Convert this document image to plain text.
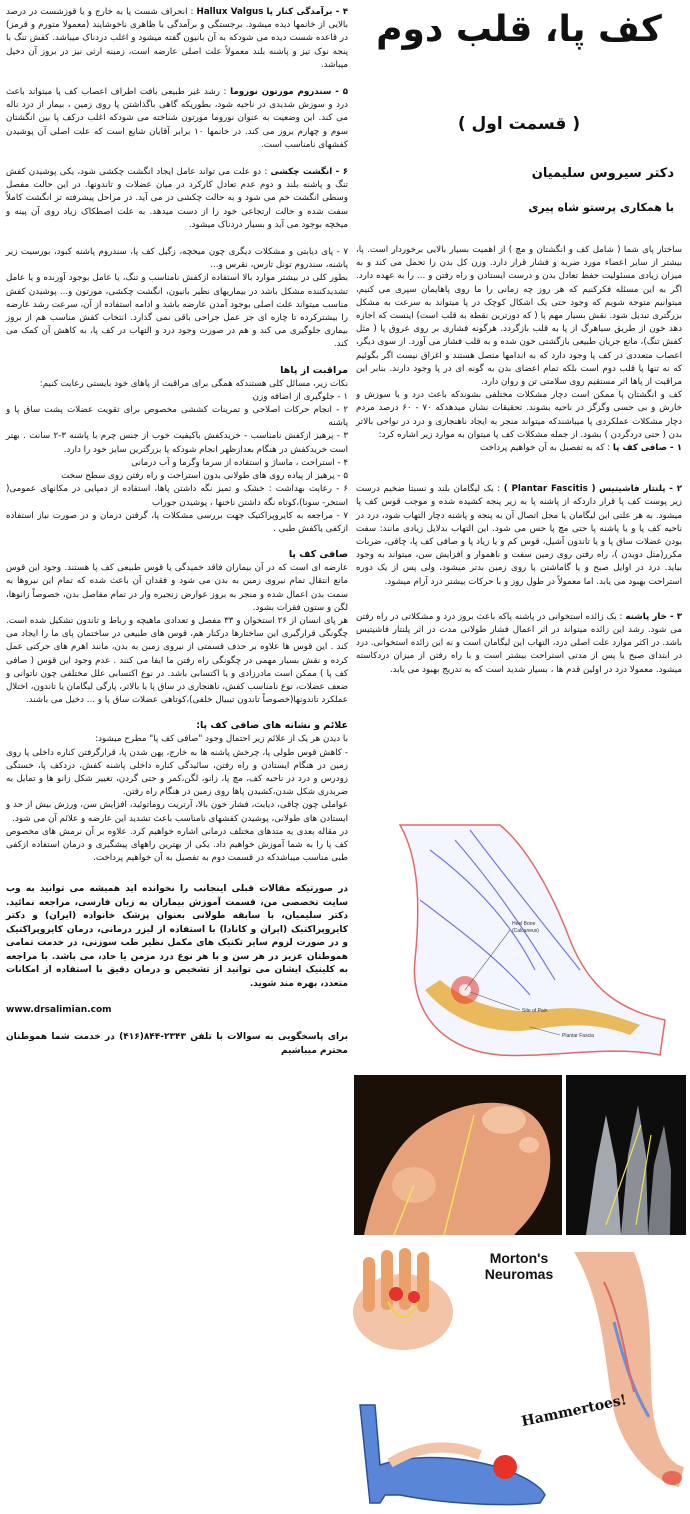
کف پا، قلب دوم
( قسمت اول )
دکتر سیروس سلیمیان
با همکاری پرستو شاه پیری

ساختار پای شما ( شامل کف و انگشتان و مچ ) از اهمیت بسیار بالایی برخوردار است. پا، بیشتر از سایر اعضاء مورد ضربه و فشار قرار دارد. وزن کل بدن را تحمل می کند و به میزان زیادی مسئولیت حفظ تعادل بدن و درست ایستادن و راه رفتن و ... را به عهده دارد. اگر به این مسئله فکرکنیم که هر روز چه زمانی را ما روی پاهایمان سپری می کنیم، میتوانیم متوجه شویم که وجود حتی یک اشکال کوچک در پا میتواند به سرعت به مشکل بزرگتری تبدیل شود. نقش بسیار مهم پا ( که دورترین نقطه به قلب است) اینست که اجازه دهد خون از طریق سیاهرگ از پا به قلب بازگردد. هرگونه فشاری بر روی عروق پا ( مثل کفش تنگ)، مانع جریان طبیعی بازگشتی خون شده و به قلب فشار می آورد. از سوی دیگر، اعصاب متعددی در کف پا وجود دارد که به اندامها متصل هستند و اغراق نیست اگر بگوئیم که نه تنها پا قلب دوم است بلکه تمام اعضای بدن به گونه ای در پا وجود دارند. بنابر این مراقبت از پاها اثر مستقیم روی سلامتی تن و روان دارد.

کف و انگشتان پا ممکن است دچار مشکلات مختلفی بشوندکه باعث درد و یا سوزش و خارش و بی حسی وگزگز در ناحیه بشوند. تحقیقات نشان میدهدکه ۷۰ - ۶۰ درصد مردم دچار مشکلات عملکردی پا میباشندکه میتواند منجر به ایجاد ناهنجاری و درد در نواحی بالاتر بدن ( حتی دردگردن ) بشود. از جمله مشکلات کف پا میتوان به موارد زیر اشاره کرد:

۱ - صافی کف پا : که به تفصیل به آن خواهیم پرداخت

۲ - پلنتار فاشیتیس ( Plantar Fascitis ) : یک لیگامان بلند و نسبتا ضخیم درست زیر پوست کف پا قرار داردکه از پاشنه پا به زیر پنجه کشیده شده و موجب قوس کف پا میشود. به هر علتی این لیگامان یا محل اتصال آن به پنجه و پاشنه دچار التهاب شود، درد در ناحیه کف پا و یا پاشنه پا حتی مچ پا حس می شود. این التهاب بدلایل زیادی مانند: سفت بودن عضلات ساق پا و یا تاندون آشیل، قوس کم و یا زیاد پا و صافی کف پا، چاقی، ضربات مکرر(مثل دویدن )، راه رفتن روی زمین سفت و ناهموار و افزایش سن، میتواند به وجود بیاید. درد در اوایل صبح و یا گاماشتن پا روی زمین بدتر میشود، ولی پس از یک دوره استراحت بهبود می یابد. اما معمولاً در طول روز و با حرکات بیشتر درد آرام میشود.

۳ - خار پاشنه : یک زائده استخوانی در پاشنه پاکه باعث بروز درد و مشکلاتی در راه رفتن می شود. رشد این زائده میتواند در اثر اعمال فشار طولانی مدت در اثر پلنتار فاشیتیس باشد. در اکثر موارد علت اصلی درد، التهاب این لیگامان است و نه این زائده استخوانی. درد در ابتدای صبح یا پس از مدتی استراحت بیشتر است و با راه رفتن از میزان دردکاسته میشود. معمولا درد در اولین قدم ها ، بسیار شدید است که به تدریج بهبود می یابد.

۴ - برآمدگی کنار پا Hallux Valgus : انحراف شست پا به خارج و یا قوزشست در درصد بالایی از خانمها دیده میشود. برجستگی و برآمدگی با ظاهری ناخوشایند (معمولا متورم و قرمز) در قاعده شست دیده می شودکه به آن بانیون گفته میشود و اغلب دردناک میباشد. کفش تنگ با پنجه نوک تیز و پاشنه بلند معمولاً علت اصلی عارضه است، زمینه ارثی نیز در بروز آن دخیل میباشد.

۵ - سندروم مورتون نوروما : رشد غیر طبیعی بافت اطراف اعصاب کف پا میتواند باعث درد و سوزش شدیدی در ناحیه شود، بطوریکه گاهی باگذاشتن پا روی زمین ، بیمار از درد ناله می کند. این وضعیت به عنوان نوروما مورتون شناخته می شودکه اغلب درکف پا بین انگشتان سوم و چهارم بروز می کند. در خانمها ۱۰ برابر آقایان شایع است که علت اصلی آن پوشیدن کفشهای نامناسب است.

۶ - انگشت چکشی : دو علت می تواند عامل ایجاد انگشت چکشی شود، یکی پوشیدن کفش تنگ و پاشنه بلند و دوم عدم تعادل کارکرد در میان عضلات و تاندونها. در این حالت مفصل وسطی انگشت خم می شود و به حالت چکشی در می آید. در مراحل پیشرفته تر انگشت کاملاً سفت شده و حالت ارتجاعی خود را از دست میدهد. به علت اصطکاک زیاد روی آن پینه و میخچه بوجود می آید و بسیار دردناک میشود.

۷ - پای دیابتی و مشکلات دیگری چون میخچه، زگیل کف پا، سندروم پاشنه کبود، بورسیت زیر پاشنه، سندروم تونل تارس، نقرس و...

بطور کلی در بیشتر موارد بالا استفاده ازکفش نامناسب و تنگ، یا عامل بوجود آورنده و یا عامل تشدیدکننده مشکل باشد در بیماریهای نظیر بانیون، انگشت چکشی، مورتون و... پوشیدن کفش مناسب میتواند علت اصلی بوجود آمدن عارضه باشد و ادامه استفاده از آن، سرعت رشد عارضه را بیشترکرده تا چاره ای جز عمل جراحی باقی نمی گذارد. انتخاب کفش مناسب هم از بروز بیماری جلوگیری می کند و هم در صورت وجود درد و التهاب در کف پا، به کاهش آن کمک می کند.

مراقبت از پاها

نکات زیر، مسائل کلی هستندکه همگی برای مراقبت از پاهای خود بایستی رعایت کنیم:

۱ - جلوگیری از اضافه وزن

۲ - انجام حرکات اصلاحی و تمرینات کششی مخصوص برای تقویت عضلات پشت ساق پا و پاشنه

۳ - پرهیز ازکفش نامناسب - خریدکفش باکیفیت خوب از جنس چرم با پاشنه ۳-۲ سانت . بهتر است خریدکفش در هنگام بعدازظهر انجام شودکه پا بزرگترین سایز خود را دارد.

۴ - استراحت ، ماساژ و استفاده از سرما وگرما و آب درمانی

۵ - پرهیز از پیاده روی های طولانی بدون استراحت و راه رفتن روی سطح سخت

۶ - رعایت بهداشت : خشک و تمیز نگه داشتن پاها، استفاده از دمپایی در مکانهای عمومی( استخر- سونا)،کوتاه نگه داشتن ناخنها ، پوشیدن جوراب

۷ - مراجعه به کایروپراکتیک جهت بررسی مشکلات پا، گرفتن درمان و در صورت نیاز استفاده ازکفی یاکفش طبی .

صافی کف پا

عارضه ای است که در آن بیماران فاقد خمیدگی یا قوس طبیعی کف پا هستند. وجود این قوس مانع انتقال تمام نیروی زمین به بدن می شود و فقدان آن باعث شده که تمام این نیروها به سمت بدن اعمال شده و منجر به بروز عوارض زنجیره وار در تمام مفاصل بدن، خصوصاً زانوها، لگن و ستون فقرات بشود.

هر پای انسان از ۲۶ استخوان و ۳۳ مفصل و تعدادی ماهیچه و رباط و تاندون تشکیل شده است. چگونگی قرارگیری این ساختارها درکنار هم، قوس های طبیعی در ساختمان پای ما را ایجاد می کند . این قوس ها علاوه بر حذف قسمتی از نیروی زمین به بدن، مانند اهرم های حرکتی عمل کرده و نقش بسیار مهمی در چگونگی راه رفتن ما ایفا می کنند . عدم وجود این قوس ( صافی کف پا ) ممکن است مادرزادی و یا اکتسابی باشد. در نوع اکتسابی علل مختلفی چون ناتوانی و ضعف عضلات، نوع نامناسب کفش، ناهنجاری در ساق پا یا بالاتر، پارگی لیگامان یا تاندون، اختلال عملکرد تاندونها(خصوصاً تاندون تیبیال خلفی)،کوتاهی عضلات ساق پا و ... دخیل می باشند.

علائم و نشانه های صافی کف پا:

با دیدن هر یک از علائم زیر احتمال وجود "صافی کف پا" مطرح میشود:

- کاهش قوس طولی پا، چرخش پاشنه ها به خارج، پهن شدن پا، قرارگرفتن کناره داخلی پا روی زمین در هنگام ایستادن و راه رفتن، سائیدگی کناره داخلی پاشنه کفش، دردکف پا، خستگی زودرس و درد در ناحیه کف، مچ پا، زانو، لگن،کمر و حتی گردن، تغییر شکل زانو ها و تمایل به ضربدری شکل شدن،کشیدن پاها روی زمین در هنگام راه رفتن.

عواملی چون چاقی، دیابت، فشار خون بالا، آرتریت روماتوئید، افزایش سن، ورزش بیش از حد و ایستادن های طولانی، پوشیدن کفشهای نامناسب باعث تشدید این عارضه و علائم آن می شود.

در مقاله بعدی به متدهای مختلف درمانی اشاره خواهیم کرد. علاوه بر آن نرمش های مخصوص کف پا را به شما آموزش خواهیم داد. یکی از بهترین راههای پیشگیری و درمان استفاده ازکفی طبی مناسب میباشدکه در قسمت دوم به تفصیل به آن خواهیم پرداخت.

در صورتیکه مقالات قبلی اینجانب را نخوانده اید همیشه می توانید به وب سایت تخصصی من، قسمت آموزش بیماران به زبان فارسی، مراجعه نمائید. دکتر سلیمیان، با سابقه طولانی بعنوان پزشک خانواده (ایران) و دکتر کایروپراکتیک (ایران و کانادا) با استفاده از لیزر درمانی، درمان کایروپراکتیک و در صورت لزوم سایر تکنیک های مکمل نظیر طب سوزنی، در خدمت تمامی هموطنان عزیز در هر سن و با هر نوع درد مزمن یا حاد، می باشد. با مراجعه به کلینیک ایشان می توانید از تشخیص و درمان دقیق با استفاده از امکانات متعدد، بهره مند شوید.

www.drsalimian.com

برای پاسخگویی به سوالات با تلفن ۲۳۴۳-۸۴۴(۴۱۶) در خدمت شما هموطنان محترم میباشیم

Heel Bone
(Calcaneus)
Site of Pain
Plantar Fascia
Morton's
Neuromas
Hammertoes!
